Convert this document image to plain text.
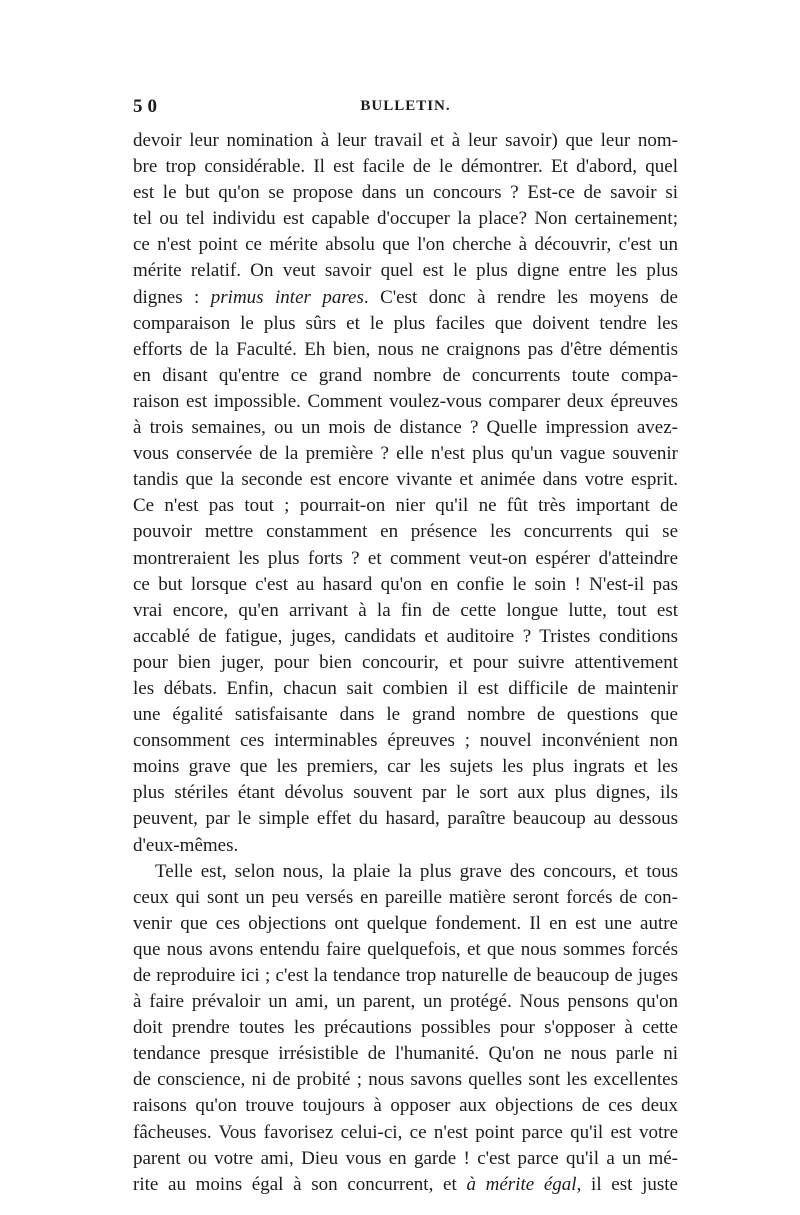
50	BULLETIN.
devoir leur nomination à leur travail et à leur savoir) que leur nom-
bre trop considérable. Il est facile de le démontrer. Et d'abord, quel
est le but qu'on se propose dans un concours ? Est-ce de savoir si
tel ou tel individu est capable d'occuper la place? Non certainement;
ce n'est point ce mérite absolu que l'on cherche à découvrir, c'est un
mérite relatif. On veut savoir quel est le plus digne entre les plus
dignes : primus inter pares. C'est donc à rendre les moyens de
comparaison le plus sûrs et le plus faciles que doivent tendre les
efforts de la Faculté. Eh bien, nous ne craignons pas d'être démentis
en disant qu'entre ce grand nombre de concurrents toute compa-
raison est impossible. Comment voulez-vous comparer deux épreuves
à trois semaines, ou un mois de distance ? Quelle impression avez-
vous conservée de la première ? elle n'est plus qu'un vague souvenir
tandis que la seconde est encore vivante et animée dans votre esprit.
Ce n'est pas tout ; pourrait-on nier qu'il ne fût très important de
pouvoir mettre constamment en présence les concurrents qui se
montreraient les plus forts ? et comment veut-on espérer d'atteindre
ce but lorsque c'est au hasard qu'on en confie le soin ! N'est-il pas
vrai encore, qu'en arrivant à la fin de cette longue lutte, tout est
accablé de fatigue, juges, candidats et auditoire ? Tristes conditions
pour bien juger, pour bien concourir, et pour suivre attentivement
les débats. Enfin, chacun sait combien il est difficile de maintenir
une égalité satisfaisante dans le grand nombre de questions que
consomment ces interminables épreuves ; nouvel inconvénient non
moins grave que les premiers, car les sujets les plus ingrats et les
plus stériles étant dévolus souvent par le sort aux plus dignes, ils
peuvent, par le simple effet du hasard, paraître beaucoup au dessous
d'eux-mêmes.
Telle est, selon nous, la plaie la plus grave des concours, et tous
ceux qui sont un peu versés en pareille matière seront forcés de con-
venir que ces objections ont quelque fondement. Il en est une autre
que nous avons entendu faire quelquefois, et que nous sommes forcés
de reproduire ici ; c'est la tendance trop naturelle de beaucoup de juges
à faire prévaloir un ami, un parent, un protégé. Nous pensons qu'on
doit prendre toutes les précautions possibles pour s'opposer à cette
tendance presque irrésistible de l'humanité. Qu'on ne nous parle ni
de conscience, ni de probité ; nous savons quelles sont les excellentes
raisons qu'on trouve toujours à opposer aux objections de ces deux
fâcheuses. Vous favorisez celui-ci, ce n'est point parce qu'il est votre
parent ou votre ami, Dieu vous en garde ! c'est parce qu'il a un mé-
rite au moins égal à son concurrent, et à mérite égal, il est juste
